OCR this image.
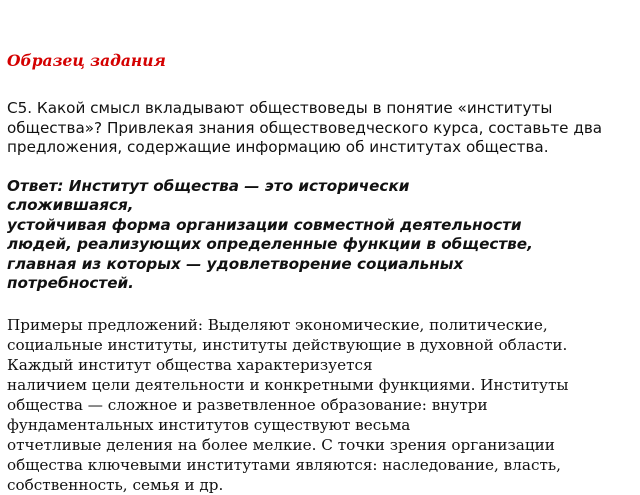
Образец задания

С5. Какой смысл вкладывают обществоведы в понятие «институты
общества»? Привлекая знания обществоведческого курса, составьте два
предложения, содержащие информацию об институтах общества.

Ответ: Институт общества — это исторически
сложившаяся,
устойчивая форма организации совместной деятельности
людей, реализующих определенные функции в обществе,
главная из которых — удовлетворение социальных
потребностей.

Примеры предложений: Выделяют экономические, политические,
социальные институты, институты действующие в духовной области.
Каждый институт общества характеризуется
наличием цели деятельности и конкретными функциями. Институты
общества — сложное и разветвленное образование: внутри
фундаментальных институтов существуют весьма
отчетливые деления на более мелкие. С точки зрения организации
общества ключевыми институтами являются: наследование, власть,
собственность, семья и др.
